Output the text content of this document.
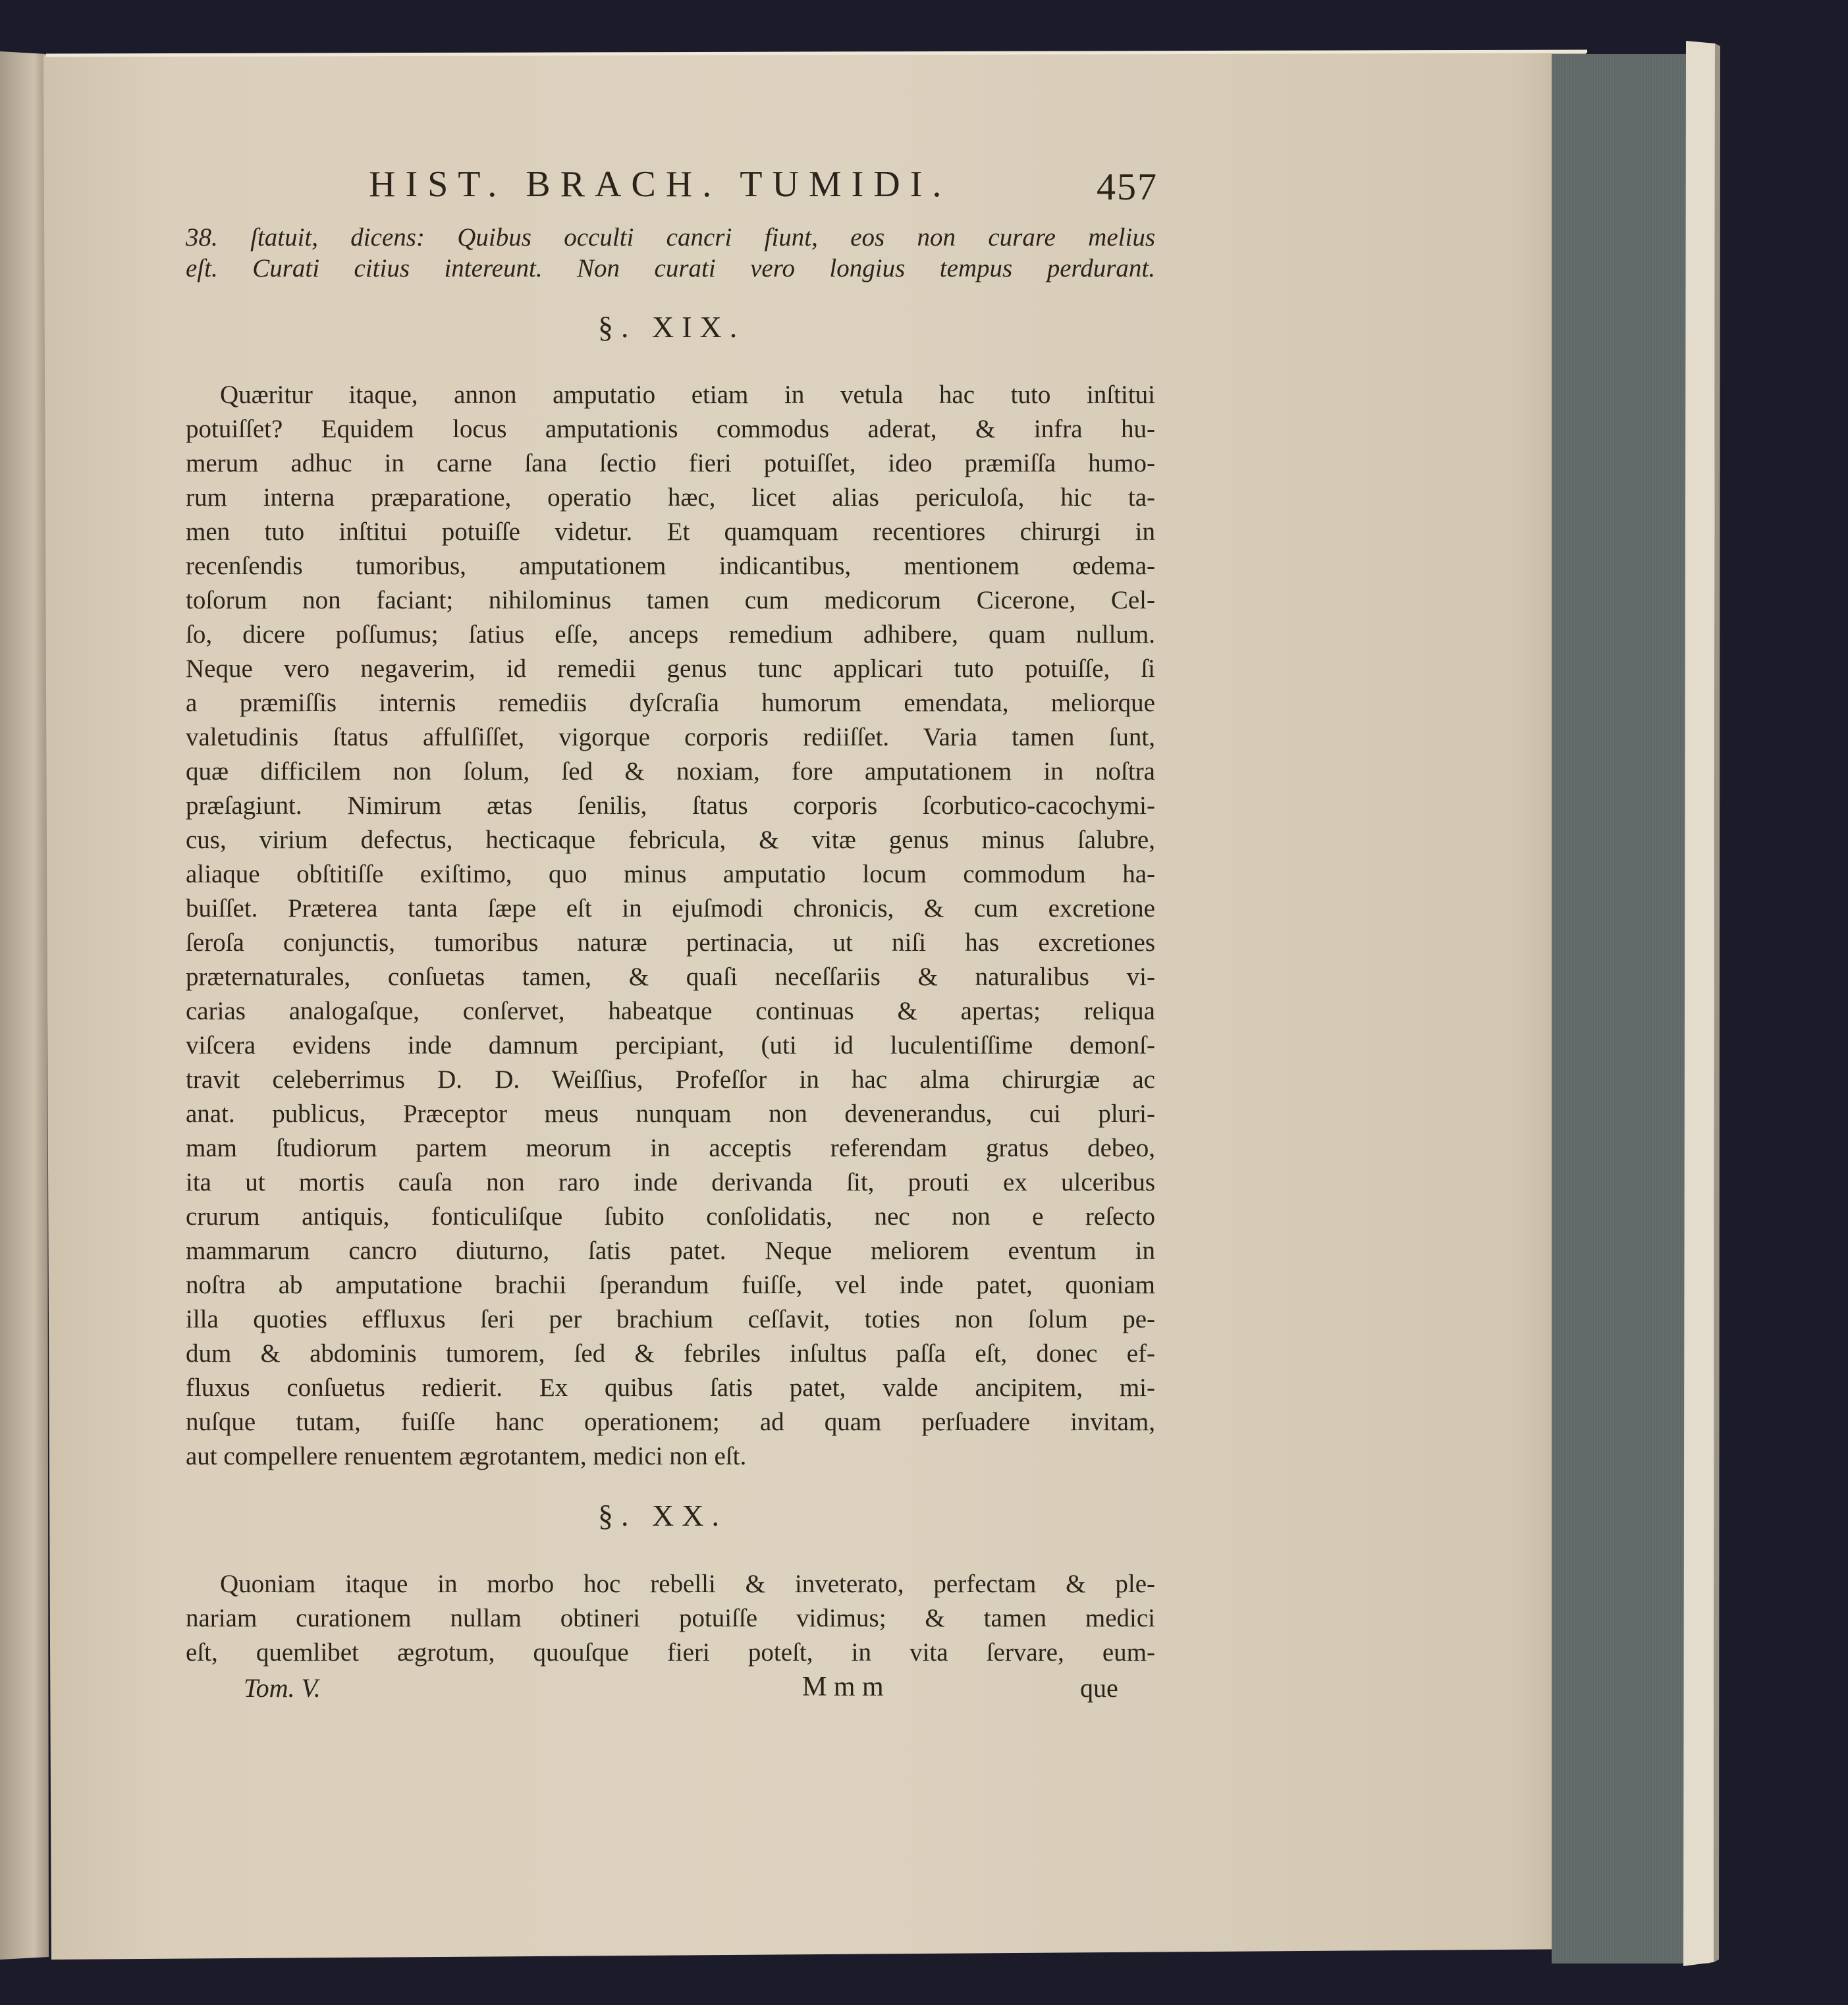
HIST. BRACH. TUMIDI.	457
38. ſtatuit, dicens: Quibus occulti cancri fiunt, eos non curare melius
eſt. Curati citius intereunt. Non curati vero longius tempus perdurant.
§. XIX.
Quæritur itaque, annon amputatio etiam in vetula hac tuto inſtitui
potuiſſet? Equidem locus amputationis commodus aderat, & infra hu-
merum adhuc in carne ſana ſectio fieri potuiſſet, ideo præmiſſa humo-
rum interna præparatione, operatio hæc, licet alias periculoſa, hic ta-
men tuto inſtitui potuiſſe videtur. Et quamquam recentiores chirurgi in
recenſendis tumoribus, amputationem indicantibus, mentionem œdema-
toſorum non faciant; nihilominus tamen cum medicorum Cicerone, Cel-
ſo, dicere poſſumus; ſatius eſſe, anceps remedium adhibere, quam nullum.
Neque vero negaverim, id remedii genus tunc applicari tuto potuiſſe, ſi
a præmiſſis internis remediis dyſcraſia humorum emendata, meliorque
valetudinis ſtatus affulſiſſet, vigorque corporis rediiſſet. Varia tamen ſunt,
quæ difficilem non ſolum, ſed & noxiam, fore amputationem in noſtra
præſagiunt. Nimirum ætas ſenilis, ſtatus corporis ſcorbutico-cacochymi-
cus, virium defectus, hecticaque febricula, & vitæ genus minus ſalubre,
aliaque obſtitiſſe exiſtimo, quo minus amputatio locum commodum ha-
buiſſet. Præterea tanta ſæpe eſt in ejuſmodi chronicis, & cum excretione
ſeroſa conjunctis, tumoribus naturæ pertinacia, ut niſi has excretiones
præternaturales, conſuetas tamen, & quaſi neceſſariis & naturalibus vi-
carias analogaſque, conſervet, habeatque continuas & apertas; reliqua
viſcera evidens inde damnum percipiant, (uti id luculentiſſime demonſ-
travit celeberrimus D. D. Weiſſius, Profeſſor in hac alma chirurgiæ ac
anat. publicus, Præceptor meus nunquam non devenerandus, cui pluri-
mam ſtudiorum partem meorum in acceptis referendam gratus debeo,
ita ut mortis cauſa non raro inde derivanda ſit, prouti ex ulceribus
crurum antiquis, fonticuliſque ſubito conſolidatis, nec non e reſecto
mammarum cancro diuturno, ſatis patet. Neque meliorem eventum in
noſtra ab amputatione brachii ſperandum fuiſſe, vel inde patet, quoniam
illa quoties effluxus ſeri per brachium ceſſavit, toties non ſolum pe-
dum & abdominis tumorem, ſed & febriles inſultus paſſa eſt, donec ef-
fluxus conſuetus redierit. Ex quibus ſatis patet, valde ancipitem, mi-
nuſque tutam, fuiſſe hanc operationem; ad quam perſuadere invitam,
aut compellere renuentem ægrotantem, medici non eſt.
§. XX.
Quoniam itaque in morbo hoc rebelli & inveterato, perfectam & ple-
nariam curationem nullam obtineri potuiſſe vidimus; & tamen medici
eſt, quemlibet ægrotum, quouſque fieri poteſt, in vita ſervare, eum-
Tom. V.	M m m	que
